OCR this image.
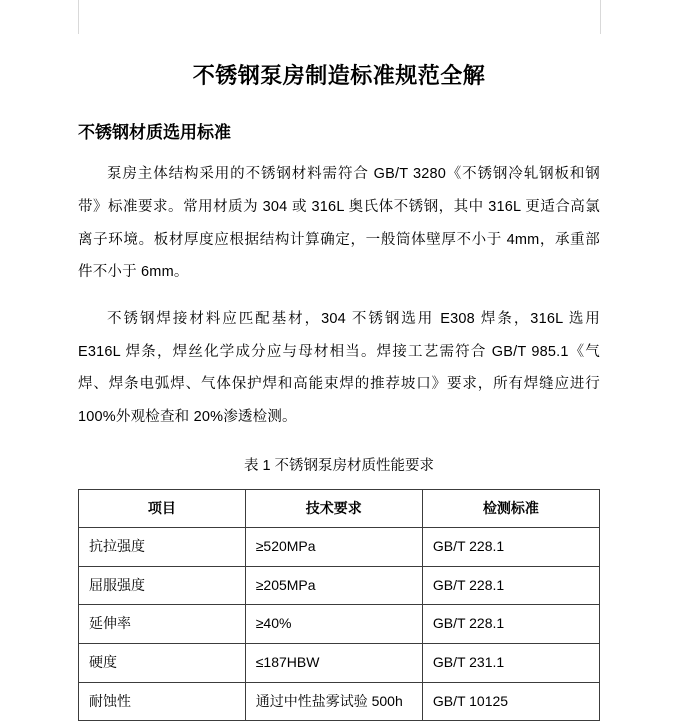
不锈钢泵房制造标准规范全解
不锈钢材质选用标准

泵房主体结构采用的不锈钢材料需符合 GB/T 3280《不锈钢冷轧钢板和钢带》标准要求。常用材质为 304 或 316L 奥氏体不锈钢，其中 316L 更适合高氯离子环境。板材厚度应根据结构计算确定，一般筒体壁厚不小于 4mm，承重部件不小于 6mm。

不锈钢焊接材料应匹配基材，304 不锈钢选用 E308 焊条，316L 选用 E316L 焊条，焊丝化学成分应与母材相当。焊接工艺需符合 GB/T 985.1《气焊、焊条电弧焊、气体保护焊和高能束焊的推荐坡口》要求，所有焊缝应进行 100%外观检查和 20%渗透检测。

表 1 不锈钢泵房材质性能要求
项目	技术要求	检测标准
抗拉强度	≥520MPa	GB/T 228.1
屈服强度	≥205MPa	GB/T 228.1
延伸率	≥40%	GB/T 228.1
硬度	≤187HBW	GB/T 231.1
耐蚀性	通过中性盐雾试验 500h	GB/T 10125
